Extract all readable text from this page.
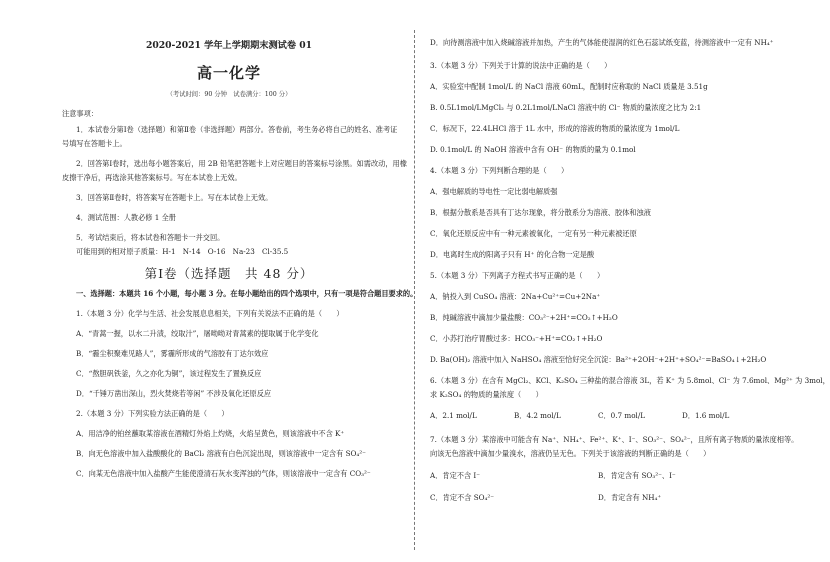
2020-2021 学年上学期期末测试卷 01
高一化学
（考试时间：90 分钟　试卷满分：100 分）
注意事项：
1．本试卷分第Ⅰ卷（选择题）和第Ⅱ卷（非选择题）两部分。答卷前，考生务必将自己的姓名、准考证
号填写在答题卡上。
2．回答第Ⅰ卷时，选出每小题答案后，用 2B 铅笔把答题卡上对应题目的答案标号涂黑。如需改动，用橡
皮擦干净后，再选涂其他答案标号。写在本试卷上无效。
3．回答第Ⅱ卷时，将答案写在答题卡上。写在本试卷上无效。
4．测试范围：人教必修 1 全册
5．考试结束后，将本试卷和答题卡一并交回。
可能用到的相对原子质量：H-1　N-14　O-16　Na-23　Cl-35.5
第Ⅰ卷（选择题　共 48 分）
一、选择题：本题共 16 个小题，每小题 3 分。在每小题给出的四个选项中，只有一项是符合题目要求的。
1.（本题 3 分）化学与生活、社会发展息息相关，下列有关说法不正确的是（　　）
A．“青蒿一握，以水二升渍，绞取汁”，屠呦呦对青蒿素的提取属于化学变化
B．“霾尘积聚难见路人”，雾霾所形成的气溶胶有丁达尔效应
C．“熬胆矾铁釜，久之亦化为铜”，该过程发生了置换反应
D．“千锤万凿出深山，烈火焚烧若等闲” 不涉及氧化还原反应
2.（本题 3 分）下列实验方法正确的是（　　）
A．用洁净的铂丝蘸取某溶液在酒精灯外焰上灼烧，火焰呈黄色，则该溶液中不含 K⁺
B．向无色溶液中加入盐酸酸化的 BaCl₂ 溶液有白色沉淀出现，则该溶液中一定含有 SO₄²⁻
C．向某无色溶液中加入盐酸产生能使澄清石灰水变浑浊的气体，则该溶液中一定含有 CO₃²⁻
D．向待测溶液中加入烧碱溶液并加热，产生的气体能使湿润的红色石蕊试纸变蓝，待测溶液中一定有 NH₄⁺
3.（本题 3 分）下列关于计算的说法中正确的是（　　）
A．实验室中配制 1mol/L 的 NaCl 溶液 60mL，配制时应称取的 NaCl 质量是 3.51g
B. 0.5L1mol/LMgCl₂ 与 0.2L1mol/LNaCl 溶液中的 Cl⁻ 物质的量浓度之比为 2:1
C．标况下，22.4LHCl 溶于 1L 水中，形成的溶液的物质的量浓度为 1mol/L
D. 0.1mol/L 的 NaOH 溶液中含有 OH⁻ 的物质的量为 0.1mol
4.（本题 3 分）下列判断合理的是（　　）
A．强电解质的导电性一定比弱电解质强
B．根据分散系是否具有丁达尔现象，将分散系分为溶液、胶体和浊液
C．氧化还原反应中有一种元素被氧化，一定有另一种元素被还原
D．电离时生成的阳离子只有 H⁺ 的化合物一定是酸
5.（本题 3 分）下列离子方程式书写正确的是（　　）
A．钠投入到 CuSO₄ 溶液：2Na+Cu²⁺=Cu+2Na⁺
B．纯碱溶液中滴加少量盐酸：CO₃²⁻+2H⁺=CO₂↑+H₂O
C．小苏打治疗胃酸过多：HCO₃⁻+H⁺=CO₂↑+H₂O
D. Ba(OH)₂ 溶液中加入 NaHSO₄ 溶液至恰好完全沉淀：Ba²⁺+2OH⁻+2H⁺+SO₄²⁻=BaSO₄↓+2H₂O
6.（本题 3 分）在含有 MgCl₂、KCl、K₂SO₄ 三种盐的混合溶液 3L，若 K⁺ 为 5.8mol、Cl⁻ 为 7.6mol、Mg²⁺ 为 3mol，
求 K₂SO₄ 的物质的量浓度（　　）
A．2.1 mol/L	B．4.2 mol/L	C．0.7 mol/L	D．1.6 mol/L
7.（本题 3 分）某溶液中可能含有 Na⁺、NH₄⁺、Fe²⁺、K⁺、I⁻、SO₃²⁻、SO₄²⁻，且所有离子物质的量浓度相等。
向该无色溶液中滴加少量溴水，溶液仍呈无色。下列关于该溶液的判断正确的是（　　）
A．肯定不含 I⁻	B．肯定含有 SO₃²⁻、I⁻
C．肯定不含 SO₄²⁻	D．肯定含有 NH₄⁺
